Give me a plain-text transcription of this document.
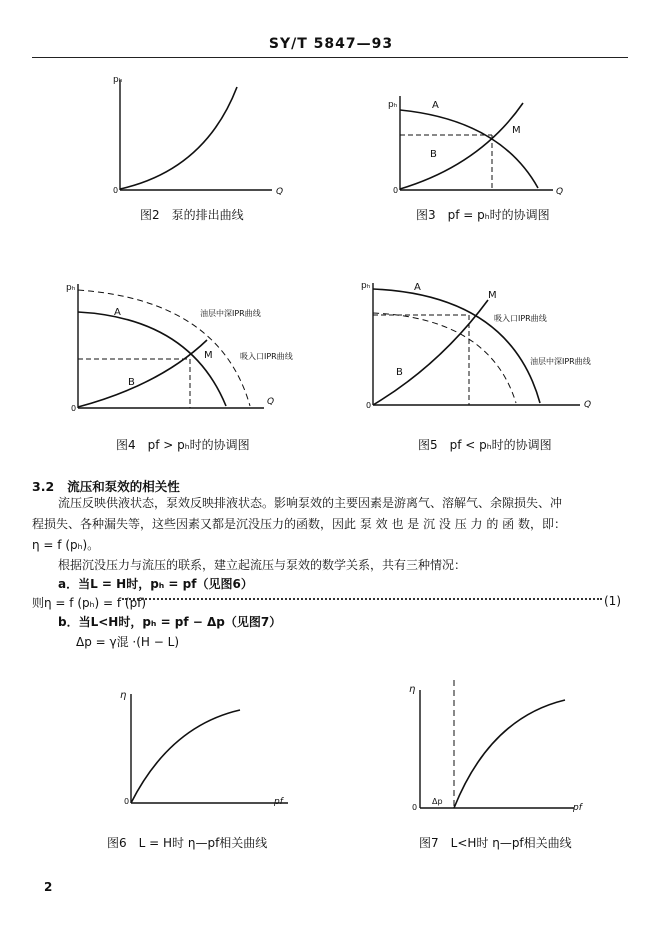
SY/T 5847—93
pₕ
Q
0
图2　泵的排出曲线
pₕ
Q
0
A
B
M
图3　pf = pₕ时的协调图
pₕ
Q
0
A
B
M
油层中深IPR曲线
吸入口IPR曲线
图4　pf > pₕ时的协调图
pₕ
Q
0
A
B
M
吸入口IPR曲线
油层中深IPR曲线
图5　pf < pₕ时的协调图
3.2 流压和泵效的相关性
流压反映供液状态，泵效反映排液状态。影响泵效的主要因素是游离气、溶解气、余隙损失、冲
程损失、各种漏失等，这些因素又都是沉没压力的函数，因此 泵 效 也 是 沉 没 压 力 的 函 数，即：
η = f (pₕ)。
根据沉没压力与流压的联系，建立起流压与泵效的数学关系，共有三种情况：
a．当L = H时，pₕ = pf（见图6）
则η = f (pₕ) = f (pf)	(1)
b．当L<H时，pₕ = pf − Δp（见图7）
Δp = γ混 ·(H − L)
η
pf
0
图6　L = H时 η—pf相关曲线
η
pf
0
Δp
图7　L<H时 η—pf相关曲线
2
